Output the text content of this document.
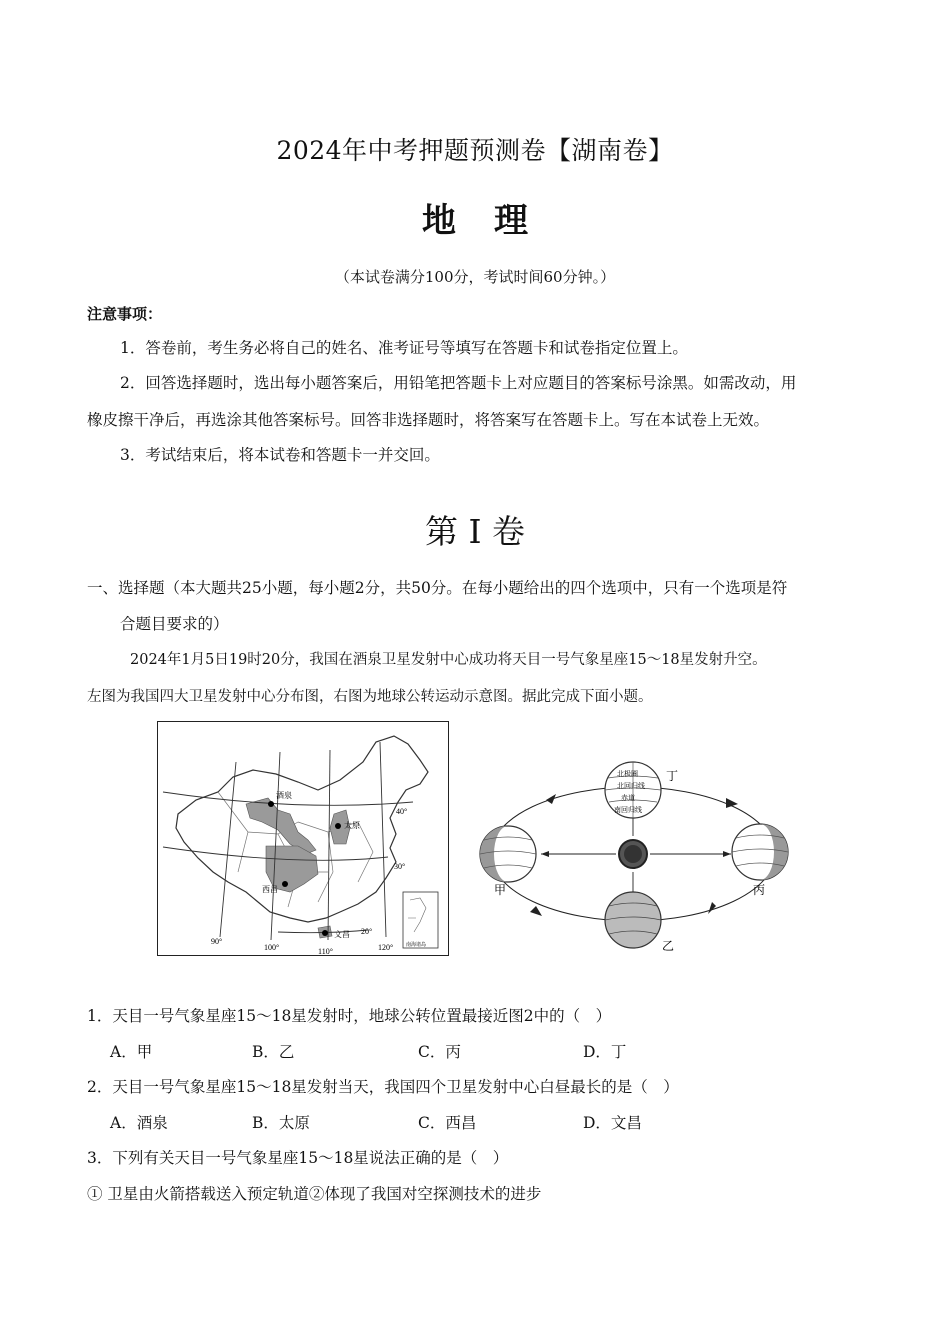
2024年中考押题预测卷【湖南卷】
地理
（本试卷满分100分，考试时间60分钟。）
注意事项：
1．答卷前，考生务必将自己的姓名、准考证号等填写在答题卡和试卷指定位置上。
2．回答选择题时，选出每小题答案后，用铅笔把答题卡上对应题目的答案标号涂黑。如需改动，用
橡皮擦干净后，再选涂其他答案标号。回答非选择题时，将答案写在答题卡上。写在本试卷上无效。
3．考试结束后，将本试卷和答题卡一并交回。
第 I 卷
一、选择题（本大题共25小题，每小题2分，共50分。在每小题给出的四个选项中，只有一个选项是符
合题目要求的）
2024年1月5日19时20分，我国在酒泉卫星发射中心成功将天目一号气象星座15～18星发射升空。
左图为我国四大卫星发射中心分布图，右图为地球公转运动示意图。据此完成下面小题。
酒泉
太原
西昌
文昌
40°
30°
20°
90°
100°	110°	120°	南海诸岛
北极圈
北回归线
赤道
南回归线
甲
乙
丙
丁
1．天目一号气象星座15～18星发射时，地球公转位置最接近图2中的（　）
A．甲	B．乙	C．丙	D．丁
2．天目一号气象星座15～18星发射当天，我国四个卫星发射中心白昼最长的是（　）
A．酒泉	B．太原	C．西昌	D．文昌
3．下列有关天目一号气象星座15～18星说法正确的是（　）
① 卫星由火箭搭载送入预定轨道②体现了我国对空探测技术的进步
